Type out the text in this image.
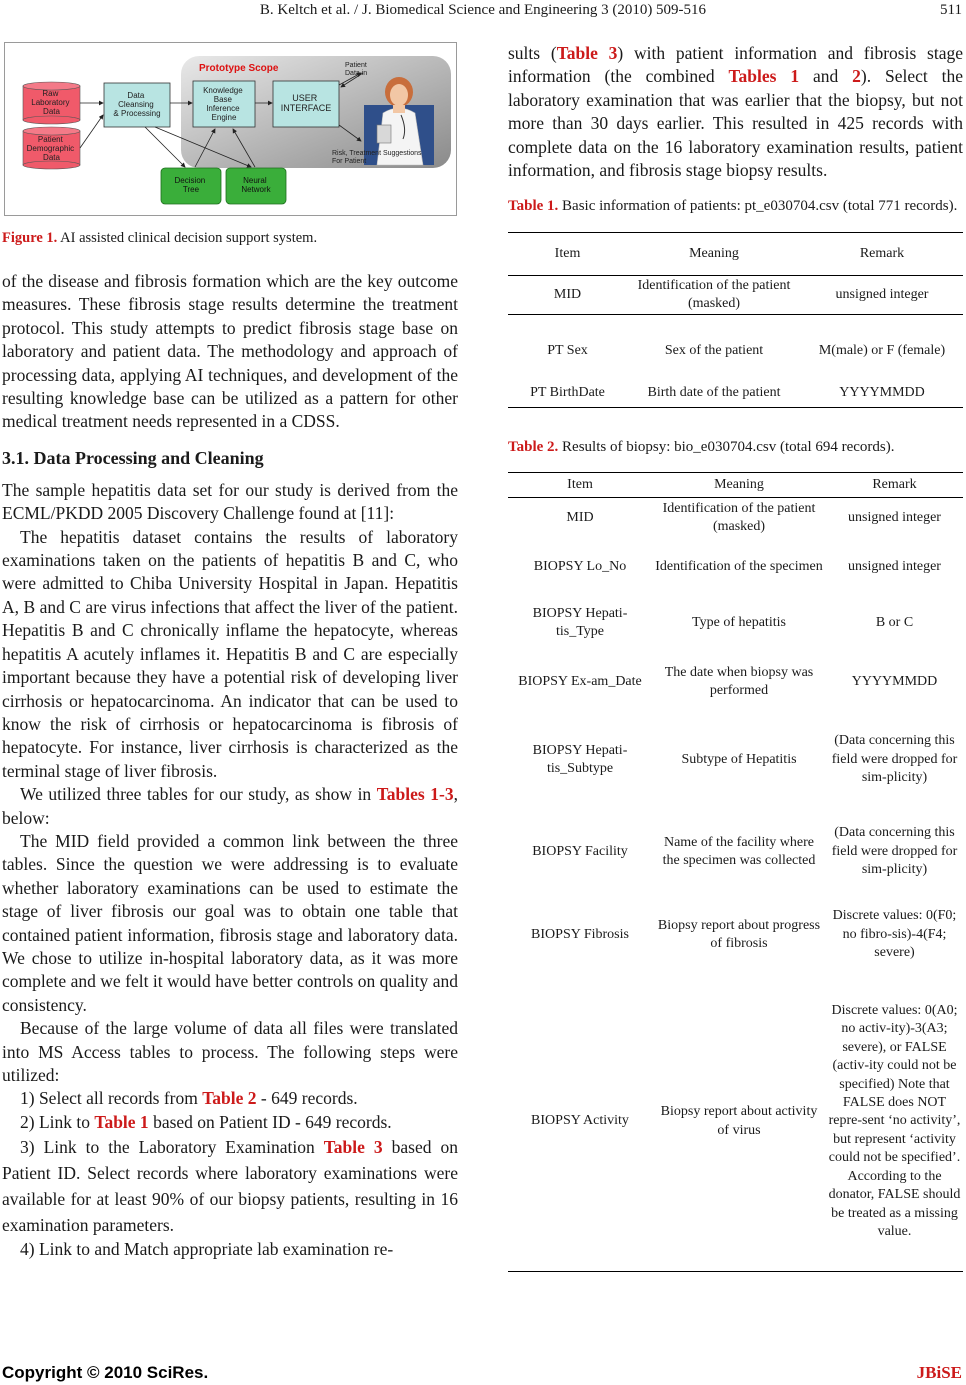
B. Keltch et al. / J. Biomedical Science and Engineering 3 (2010) 509-516	511
Prototype Scope
Raw Laboratory Data
Patient Demographic Data
Data Cleansing & Processing
Knowledge Base Inference Engine
USER INTERFACE
Patient Data in
Risk, Treatment Suggestions For Patient
Decision Tree
Neural Network
Figure 1. AI assisted clinical decision support system.

of the disease and fibrosis formation which are the key outcome measures. These fibrosis stage results determine the treatment protocol. This study attempts to predict fibrosis stage base on laboratory and patient data. The methodology and approach of processing data, applying AI techniques, and development of the resulting knowledge base can be utilized as a pattern for other medical treatment needs represented in a CDSS.

3.1. Data Processing and Cleaning

The sample hepatitis data set for our study is derived from the ECML/PKDD 2005 Discovery Challenge found at [11]:

The hepatitis dataset contains the results of laboratory examinations taken on the patients of hepatitis B and C, who were admitted to Chiba University Hospital in Japan. Hepatitis A, B and C are virus infections that affect the liver of the patient. Hepatitis B and C chronically inflame the hepatocyte, whereas hepatitis A acutely inflames it. Hepatitis B and C are especially important because they have a potential risk of developing liver cirrhosis or hepatocarcinoma. An indicator that can be used to know the risk of cirrhosis or hepatocarcinoma is fibrosis of hepatocyte. For instance, liver cirrhosis is characterized as the terminal stage of liver fibrosis.

We utilized three tables for our study, as show in Tables 1-3, below:

The MID field provided a common link between the three tables. Since the question we were addressing is to evaluate whether laboratory examinations can be used to estimate the stage of liver fibrosis our goal was to obtain one table that contained patient information, fibrosis stage and laboratory data. We chose to utilize in-hospital laboratory data, as it was more complete and we felt it would have better controls on quality and consistency.

Because of the large volume of data all files were translated into MS Access tables to process. The following steps were utilized:

1) Select all records from Table 2 - 649 records.

2) Link to Table 1 based on Patient ID - 649 records.

3) Link to the Laboratory Examination Table 3 based on Patient ID. Select records where laboratory examinations were available for at least 90% of our biopsy patients, resulting in 16 examination parameters.

4) Link to and Match appropriate lab examination re-

sults (Table 3) with patient information and fibrosis stage information (the combined Tables 1 and 2). Select the laboratory examination that was earlier that the biopsy, but not more than 30 days earlier. This resulted in 425 records with complete data on the 16 laboratory examination results, patient information, and fibrosis stage biopsy results.

Table 1. Basic information of patients: pt_e030704.csv (total 771 records).
Item	Meaning	Remark
MID	Identification of the patient (masked)	unsigned integer
PT Sex	Sex of the patient	M(male) or F (female)
PT BirthDate	Birth date of the patient	YYYYMMDD
Table 2. Results of biopsy: bio_e030704.csv (total 694 records).
Item	Meaning	Remark
MID	Identification of the patient (masked)	unsigned integer
BIOPSY Lo_No	Identification of the specimen	unsigned integer
BIOPSY Hepati-tis_Type	Type of hepatitis	B or C
BIOPSY Ex-am_Date	The date when biopsy was performed	YYYYMMDD
BIOPSY Hepati-tis_Subtype	Subtype of Hepatitis	(Data concerning this field were dropped for sim-plicity)
BIOPSY Facility	Name of the facility where the specimen was collected	(Data concerning this field were dropped for sim-plicity)
BIOPSY Fibrosis	Biopsy report about progress of fibrosis	Discrete values: 0(F0; no fibro-sis)-4(F4; severe)
BIOPSY Activity	Biopsy report about activity of virus	Discrete values: 0(A0; no activ-ity)-3(A3; severe), or FALSE (activ-ity could not be specified) Note that FALSE does NOT repre-sent ‘no activity’, but represent ‘activity could not be specified’. According to the donator, FALSE should be treated as a missing value.
Copyright © 2010 SciRes.	JBiSE
